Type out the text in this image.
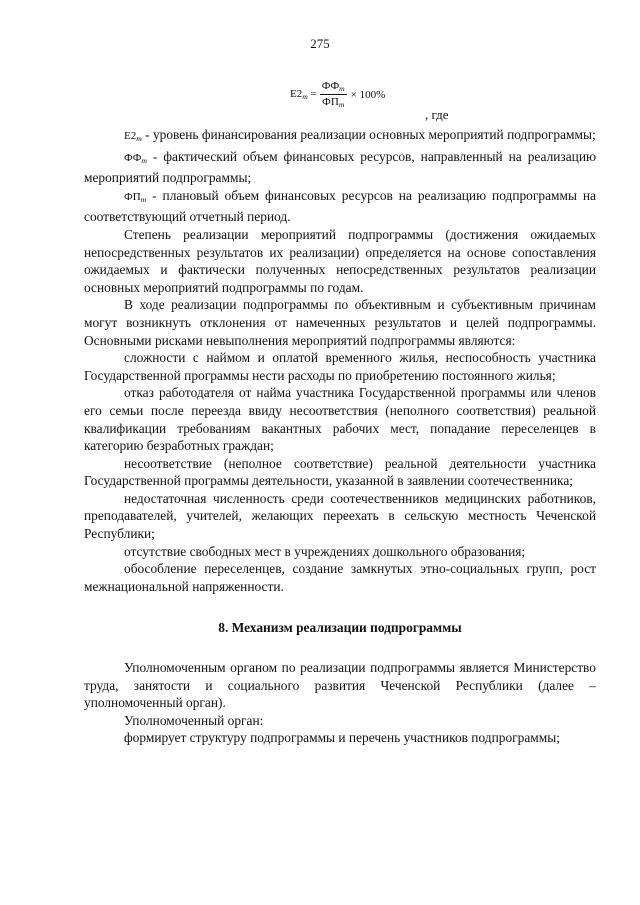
275
$E2_m = \frac{ФФ_m}{ФП_m} \times 100\%$
, где

$E2_m$ - уровень финансирования реализации основных мероприятий подпрограммы;

$ФФ_m$ - фактический объем финансовых ресурсов, направленный на реализацию мероприятий подпрограммы;

$ФП_m$ - плановый объем финансовых ресурсов на реализацию подпрограммы на соответствующий отчетный период.

Степень реализации мероприятий подпрограммы (достижения ожидаемых непосредственных результатов их реализации) определяется на основе сопоставления ожидаемых и фактически полученных непосредственных результатов реализации основных мероприятий подпрограммы по годам.

В ходе реализации подпрограммы по объективным и субъективным причинам могут возникнуть отклонения от намеченных результатов и целей подпрограммы. Основными рисками невыполнения мероприятий подпрограммы являются:

сложности с наймом и оплатой временного жилья, неспособность участника Государственной программы нести расходы по приобретению постоянного жилья;

отказ работодателя от найма участника Государственной программы или членов его семьи после переезда ввиду несоответствия (неполного соответствия) реальной квалификации требованиям вакантных рабочих мест, попадание переселенцев в категорию безработных граждан;

несоответствие (неполное соответствие) реальной деятельности участника Государственной программы деятельности, указанной в заявлении соотечественника;

недостаточная численность среди соотечественников медицинских работников, преподавателей, учителей, желающих переехать в сельскую местность Чеченской Республики;

отсутствие свободных мест в учреждениях дошкольного образования;

обособление переселенцев, создание замкнутых этно-социальных групп, рост межнациональной напряженности.

8. Механизм реализации подпрограммы

Уполномоченным органом по реализации подпрограммы является Министерство труда, занятости и социального развития Чеченской Республики (далее – уполномоченный орган).

Уполномоченный орган:

формирует структуру подпрограммы и перечень участников подпрограммы;
